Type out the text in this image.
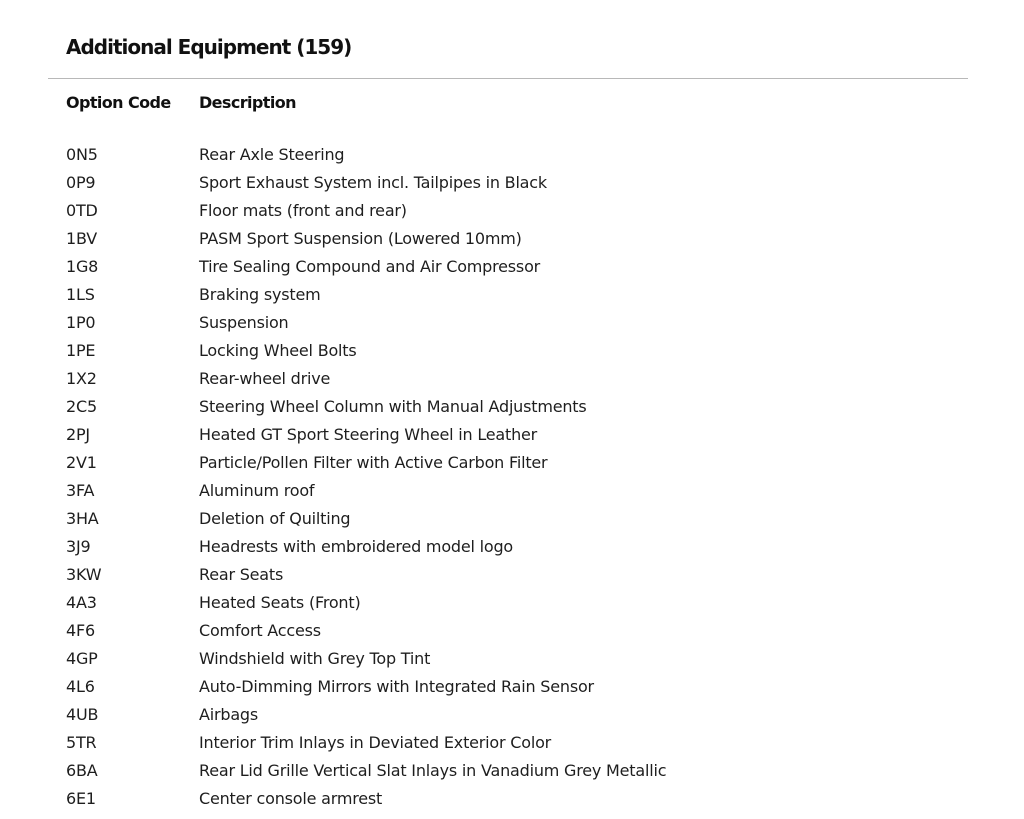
Additional Equipment (159)
Option Code	Description
0N5	Rear Axle Steering
0P9	Sport Exhaust System incl. Tailpipes in Black
0TD	Floor mats (front and rear)
1BV	PASM Sport Suspension (Lowered 10mm)
1G8	Tire Sealing Compound and Air Compressor
1LS	Braking system
1P0	Suspension
1PE	Locking Wheel Bolts
1X2	Rear-wheel drive
2C5	Steering Wheel Column with Manual Adjustments
2PJ	Heated GT Sport Steering Wheel in Leather
2V1	Particle/Pollen Filter with Active Carbon Filter
3FA	Aluminum roof
3HA	Deletion of Quilting
3J9	Headrests with embroidered model logo
3KW	Rear Seats
4A3	Heated Seats (Front)
4F6	Comfort Access
4GP	Windshield with Grey Top Tint
4L6	Auto-Dimming Mirrors with Integrated Rain Sensor
4UB	Airbags
5TR	Interior Trim Inlays in Deviated Exterior Color
6BA	Rear Lid Grille Vertical Slat Inlays in Vanadium Grey Metallic
6E1	Center console armrest
